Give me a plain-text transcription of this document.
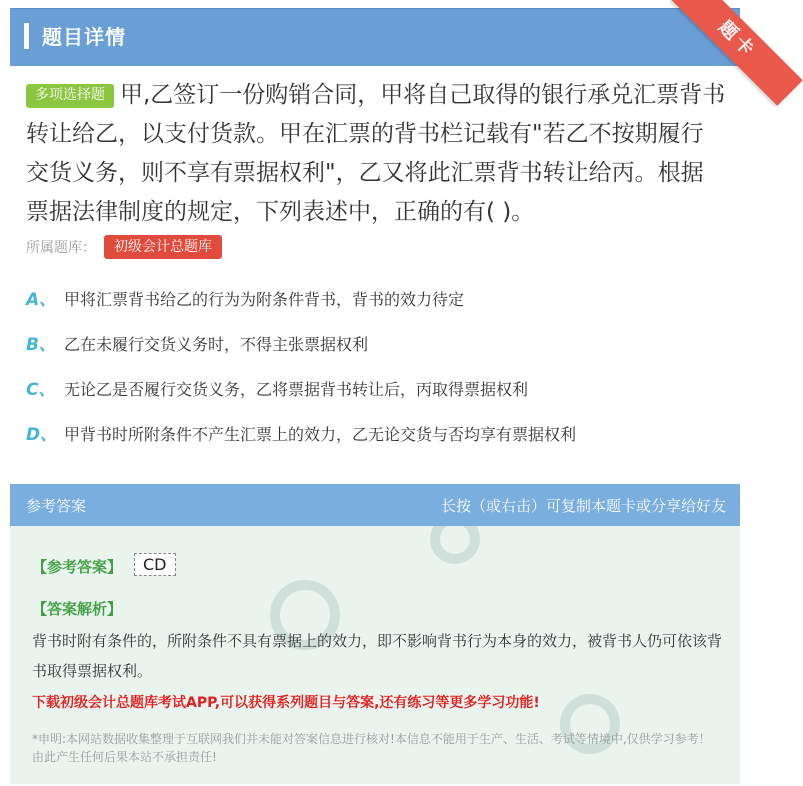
题目详情	题卡
多项选择题 甲,乙签订一份购销合同，甲将自己取得的银行承兑汇票背书转让给乙，以支付货款。甲在汇票的背书栏记载有"若乙不按期履行交货义务，则不享有票据权利"，乙又将此汇票背书转让给丙。根据票据法律制度的规定，下列表述中，正确的有( )。
所属题库：	初级会计总题库
A、 甲将汇票背书给乙的行为为附条件背书，背书的效力待定
B、 乙在未履行交货义务时，不得主张票据权利
C、 无论乙是否履行交货义务，乙将票据背书转让后，丙取得票据权利
D、 甲背书时所附条件不产生汇票上的效力，乙无论交货与否均享有票据权利
参考答案	长按（或右击）可复制本题卡或分享给好友
【参考答案】	CD
【答案解析】
背书时附有条件的，所附条件不具有票据上的效力，即不影响背书行为本身的效力，被背书人仍可依该背书取得票据权利。
下载初级会计总题库考试APP,可以获得系列题目与答案,还有练习等更多学习功能!
*申明:本网站数据收集整理于互联网我们并未能对答案信息进行核对!本信息不能用于生产、生活、考试等情境中,仅供学习参考！由此产生任何后果本站不承担责任!
